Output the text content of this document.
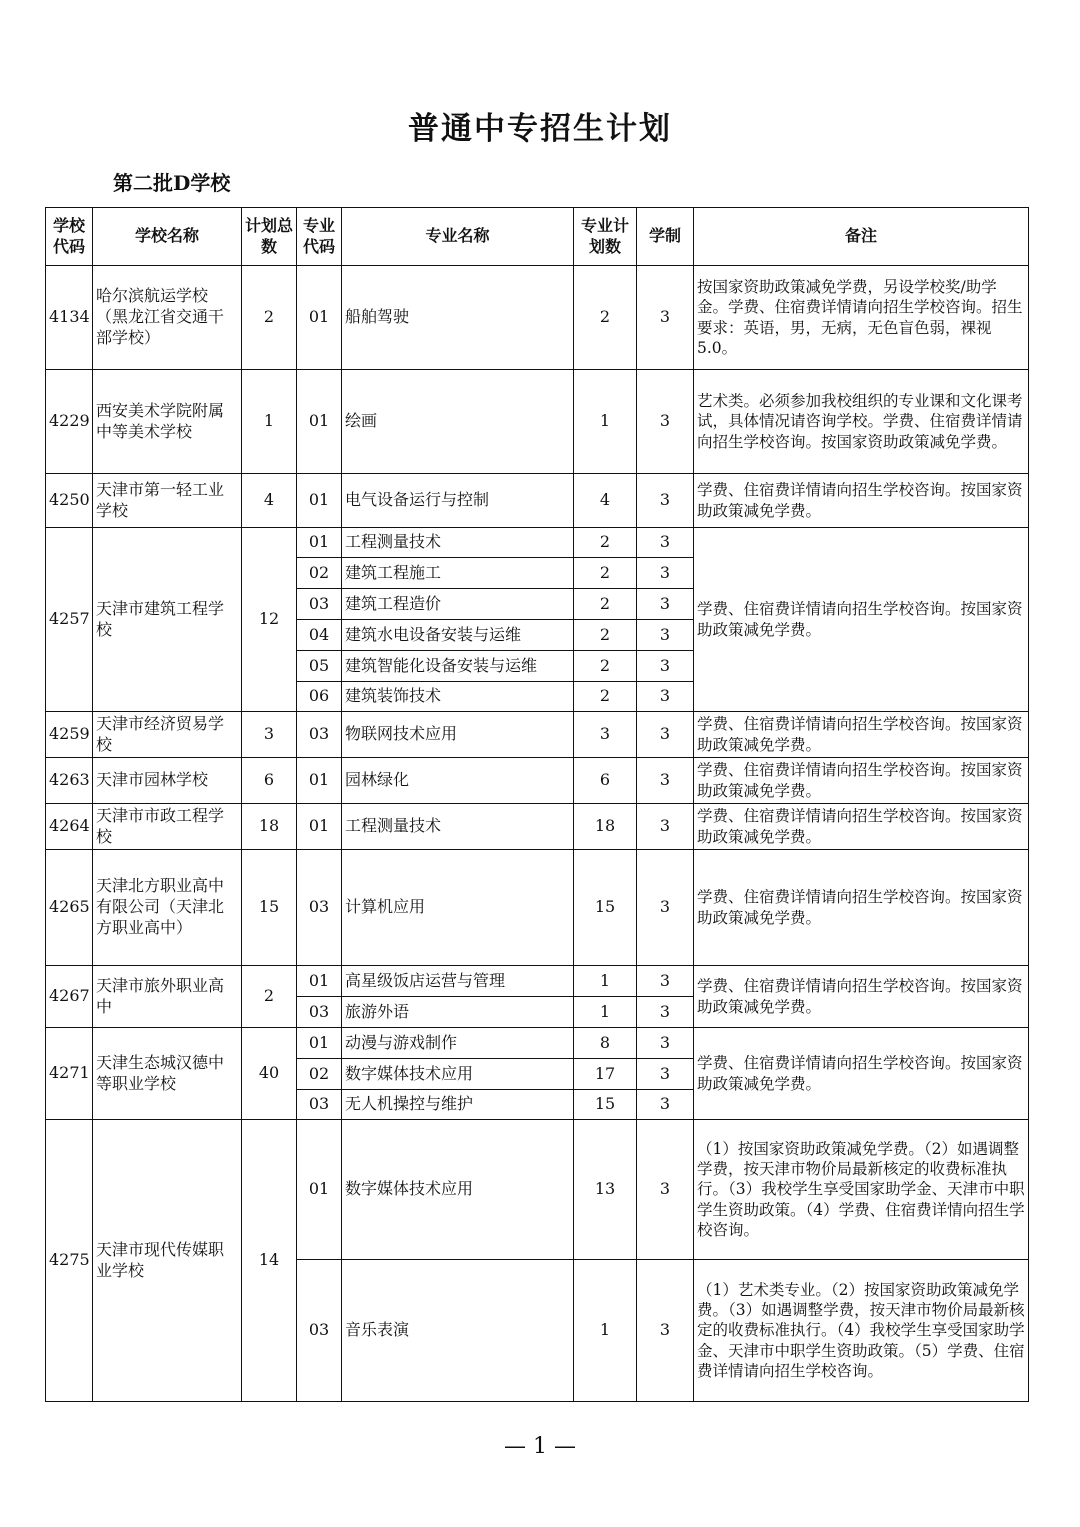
普通中专招生计划
第二批D学校
学校代码	学校名称	计划总数	专业代码	专业名称	专业计划数	学制	备注
4134	哈尔滨航运学校（黑龙江省交通干部学校）	2	01	船舶驾驶	2	3	按国家资助政策减免学费，另设学校奖/助学金。学费、住宿费详情请向招生学校咨询。招生要求：英语，男，无病，无色盲色弱，裸视5.0。
4229	西安美术学院附属中等美术学校	1	01	绘画	1	3	艺术类。必须参加我校组织的专业课和文化课考试，具体情况请咨询学校。学费、住宿费详情请向招生学校咨询。按国家资助政策减免学费。
4250	天津市第一轻工业学校	4	01	电气设备运行与控制	4	3	学费、住宿费详情请向招生学校咨询。按国家资助政策减免学费。
4257	天津市建筑工程学校	12	01	工程测量技术	2	3	学费、住宿费详情请向招生学校咨询。按国家资助政策减免学费。
			02	建筑工程施工	2	3	
			03	建筑工程造价	2	3	
			04	建筑水电设备安装与运维	2	3	
			05	建筑智能化设备安装与运维	2	3	
			06	建筑装饰技术	2	3	
4259	天津市经济贸易学校	3	03	物联网技术应用	3	3	学费、住宿费详情请向招生学校咨询。按国家资助政策减免学费。
4263	天津市园林学校	6	01	园林绿化	6	3	学费、住宿费详情请向招生学校咨询。按国家资助政策减免学费。
4264	天津市市政工程学校	18	01	工程测量技术	18	3	学费、住宿费详情请向招生学校咨询。按国家资助政策减免学费。
4265	天津北方职业高中有限公司（天津北方职业高中）	15	03	计算机应用	15	3	学费、住宿费详情请向招生学校咨询。按国家资助政策减免学费。
4267	天津市旅外职业高中	2	01	高星级饭店运营与管理	1	3	学费、住宿费详情请向招生学校咨询。按国家资助政策减免学费。
			03	旅游外语	1	3	
4271	天津生态城汉德中等职业学校	40	01	动漫与游戏制作	8	3	学费、住宿费详情请向招生学校咨询。按国家资助政策减免学费。
			02	数字媒体技术应用	17	3	
			03	无人机操控与维护	15	3	
4275	天津市现代传媒职业学校	14	01	数字媒体技术应用	13	3	（1）按国家资助政策减免学费。（2）如遇调整学费，按天津市物价局最新核定的收费标准执行。（3）我校学生享受国家助学金、天津市中职学生资助政策。（4）学费、住宿费详情向招生学校咨询。
			03	音乐表演	1	3	（1）艺术类专业。（2）按国家资助政策减免学费。（3）如遇调整学费，按天津市物价局最新核定的收费标准执行。（4）我校学生享受国家助学金、天津市中职学生资助政策。（5）学费、住宿费详情请向招生学校咨询。
— 1 —
